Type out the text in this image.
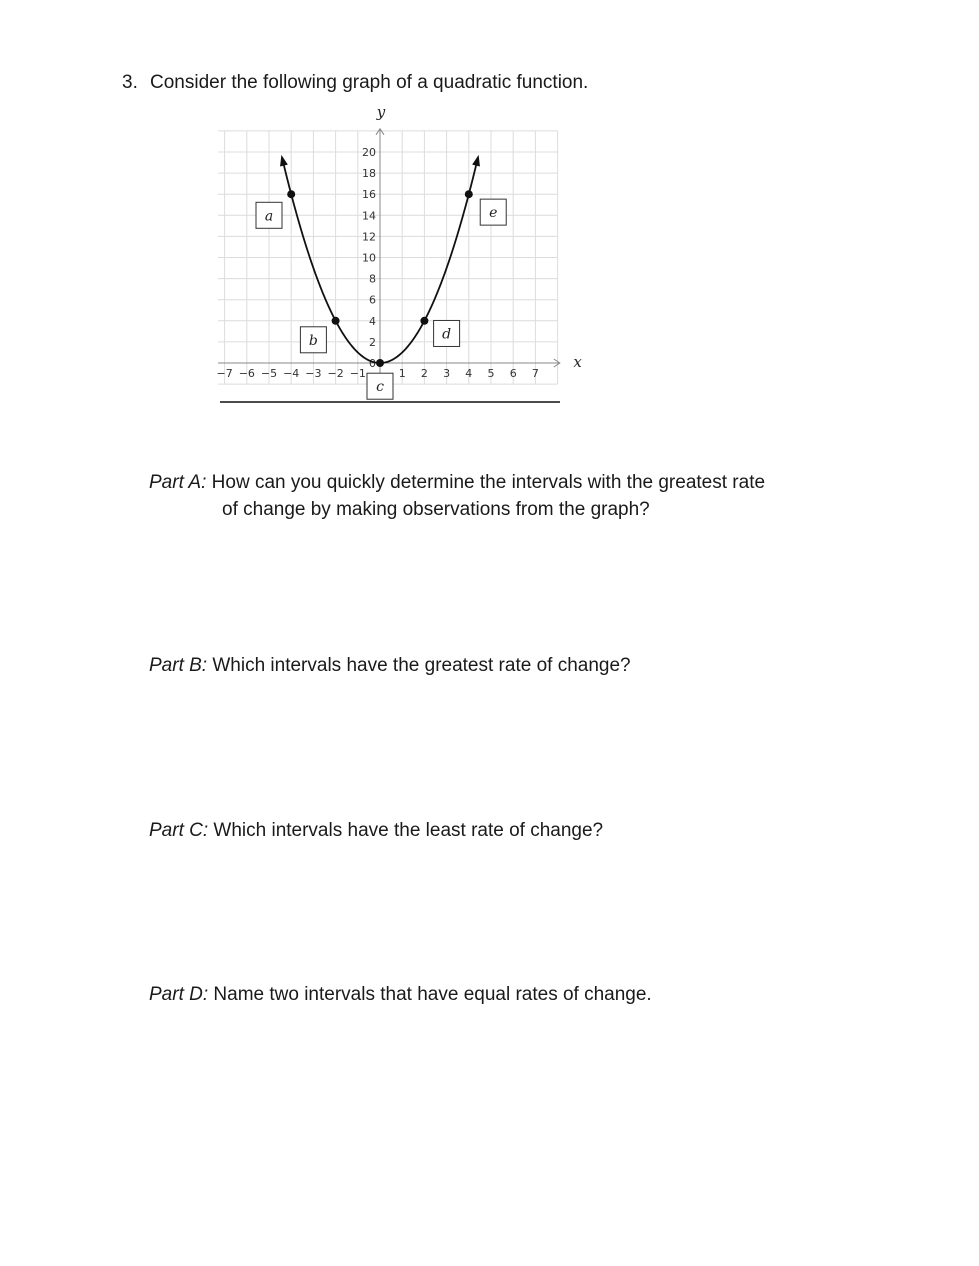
3. Consider the following graph of a quadratic function.
x
y
−7 −6 −5 −4 −3 −2 −1	1 2 3 4 5 6 7
0
2
4
6
8
10
12
14
16
18
20
a
b
c
d
e
Part A: How can you quickly determine the intervals with the greatest rate
of change by making observations from the graph?
Part B: Which intervals have the greatest rate of change?
Part C: Which intervals have the least rate of change?
Part D: Name two intervals that have equal rates of change.
